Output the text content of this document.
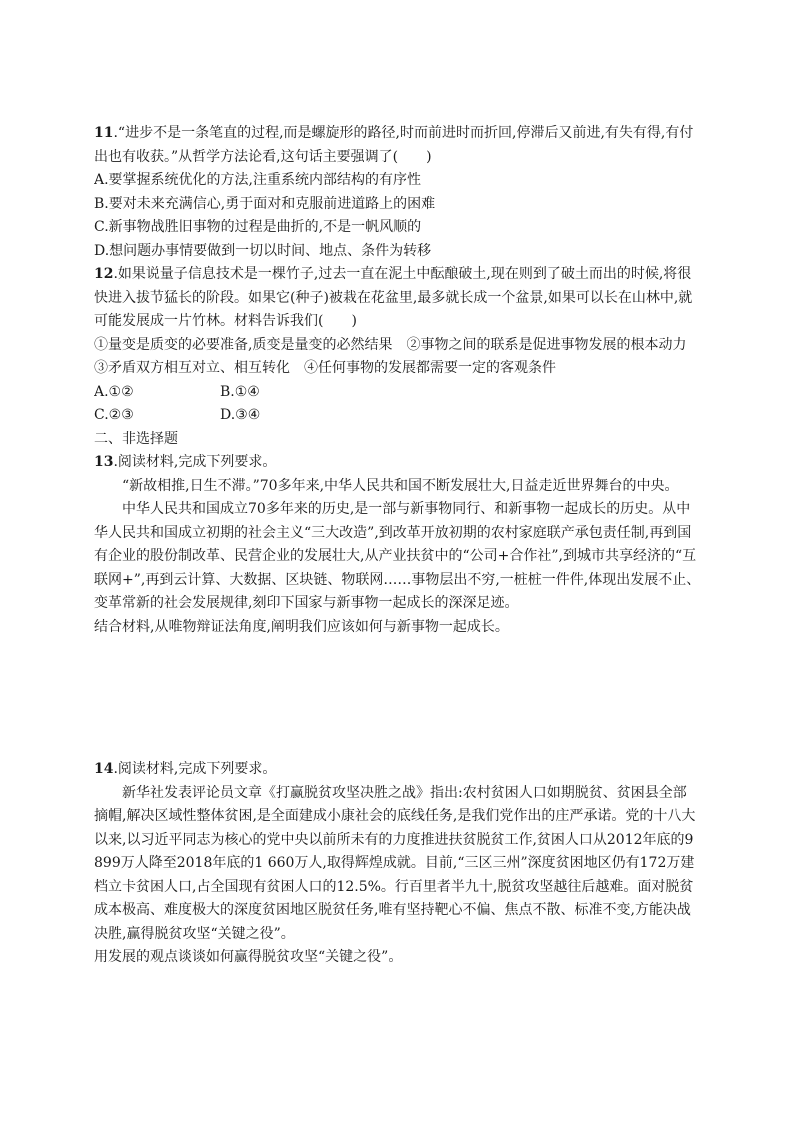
11.“进步不是一条笔直的过程,而是螺旋形的路径,时而前进时而折回,停滞后又前进,有失有得,有付
出也有收获。”从哲学方法论看,这句话主要强调了(　　)
A.要掌握系统优化的方法,注重系统内部结构的有序性
B.要对未来充满信心,勇于面对和克服前进道路上的困难
C.新事物战胜旧事物的过程是曲折的,不是一帆风顺的
D.想问题办事情要做到一切以时间、地点、条件为转移
12.如果说量子信息技术是一棵竹子,过去一直在泥土中酝酿破土,现在则到了破土而出的时候,将很
快进入拔节猛长的阶段。如果它(种子)被栽在花盆里,最多就长成一个盆景,如果可以长在山林中,就
可能发展成一片竹林。材料告诉我们(　　)
①量变是质变的必要准备,质变是量变的必然结果　②事物之间的联系是促进事物发展的根本动力
③矛盾双方相互对立、相互转化　④任何事物的发展都需要一定的客观条件
A.①②	B.①④
C.②③	D.③④
二、非选择题
13.阅读材料,完成下列要求。
“新故相推,日生不滞。”70多年来,中华人民共和国不断发展壮大,日益走近世界舞台的中央。
中华人民共和国成立70多年来的历史,是一部与新事物同行、和新事物一起成长的历史。从中
华人民共和国成立初期的社会主义“三大改造”,到改革开放初期的农村家庭联产承包责任制,再到国
有企业的股份制改革、民营企业的发展壮大,从产业扶贫中的“公司+合作社”,到城市共享经济的“互
联网+”,再到云计算、大数据、区块链、物联网……事物层出不穷,一桩桩一件件,体现出发展不止、
变革常新的社会发展规律,刻印下国家与新事物一起成长的深深足迹。
结合材料,从唯物辩证法角度,阐明我们应该如何与新事物一起成长。
14.阅读材料,完成下列要求。
新华社发表评论员文章《打赢脱贫攻坚决胜之战》指出:农村贫困人口如期脱贫、贫困县全部
摘帽,解决区域性整体贫困,是全面建成小康社会的底线任务,是我们党作出的庄严承诺。党的十八大
以来,以习近平同志为核心的党中央以前所未有的力度推进扶贫脱贫工作,贫困人口从2012年底的9
899万人降至2018年底的1 660万人,取得辉煌成就。目前,“三区三州”深度贫困地区仍有172万建
档立卡贫困人口,占全国现有贫困人口的12.5%。行百里者半九十,脱贫攻坚越往后越难。面对脱贫
成本极高、难度极大的深度贫困地区脱贫任务,唯有坚持靶心不偏、焦点不散、标准不变,方能决战
决胜,赢得脱贫攻坚“关键之役”。
用发展的观点谈谈如何赢得脱贫攻坚“关键之役”。
